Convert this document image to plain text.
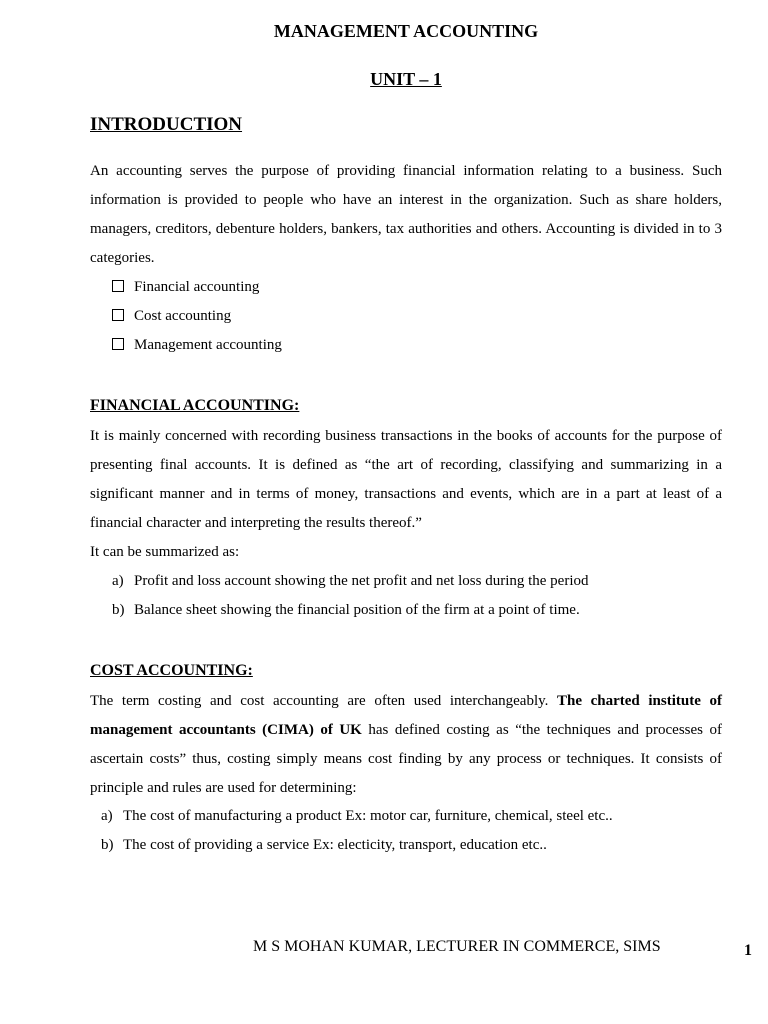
MANAGEMENT ACCOUNTING
UNIT – 1
INTRODUCTION

An accounting serves the purpose of providing financial information relating to a business. Such information is provided to people who have an interest in the organization. Such as share holders, managers, creditors, debenture holders, bankers, tax authorities and others. Accounting is divided in to 3 categories.

Financial accounting
Cost accounting
Management accounting
FINANCIAL ACCOUNTING:

It is mainly concerned with recording business transactions in the books of accounts for the purpose of presenting final accounts. It is defined as “the art of recording, classifying and summarizing in a significant manner and in terms of money, transactions and events, which are in a part at least of a financial character and interpreting the results thereof.”

It can be summarized as:

a) Profit and loss account showing the net profit and net loss during the period
b) Balance sheet showing the financial position of the firm at a point of time.
COST ACCOUNTING:

The term costing and cost accounting are often used interchangeably. The charted institute of management accountants (CIMA) of UK has defined costing as “the techniques and processes of ascertain costs” thus, costing simply means cost finding by any process or techniques. It consists of principle and rules are used for determining:

a) The cost of manufacturing a product Ex: motor car, furniture, chemical, steel etc..
b) The cost of providing a service Ex: electicity, transport, education etc..

M S MOHAN KUMAR, LECTURER IN COMMERCE, SIMS	1
